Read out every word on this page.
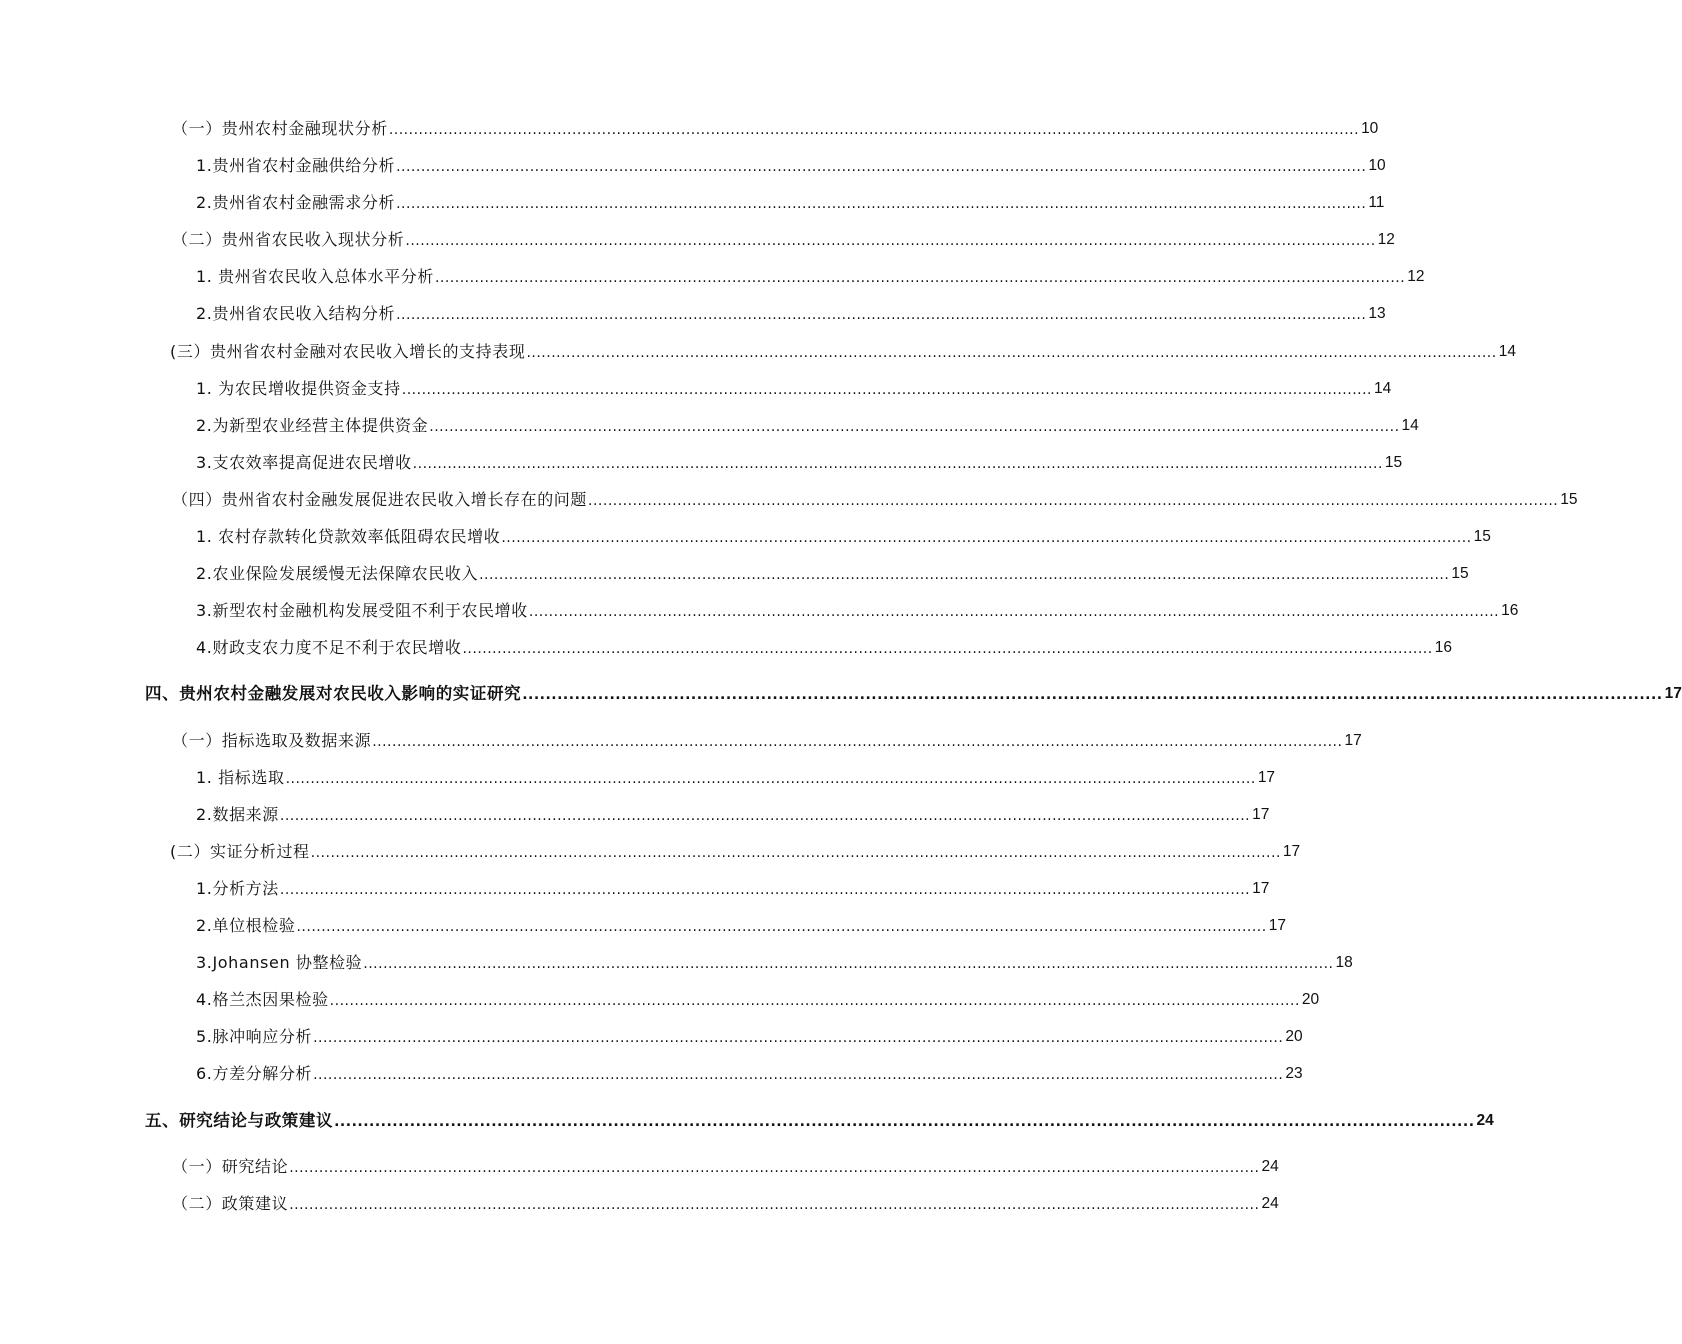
（一）贵州农村金融现状分析 .................................................................................................................................................................................................... 10
1.贵州省农村金融供给分析 .................................................................................................................................................................................................... 10
2.贵州省农村金融需求分析 .................................................................................................................................................................................................... 11
（二）贵州省农民收入现状分析 .................................................................................................................................................................................................... 12
1. 贵州省农民收入总体水平分析 .................................................................................................................................................................................................... 12
2.贵州省农民收入结构分析 .................................................................................................................................................................................................... 13
(三）贵州省农村金融对农民收入增长的支持表现 .................................................................................................................................................................................................... 14
1. 为农民增收提供资金支持 .................................................................................................................................................................................................... 14
2.为新型农业经营主体提供资金 .................................................................................................................................................................................................... 14
3.支农效率提高促进农民增收 .................................................................................................................................................................................................... 15
（四）贵州省农村金融发展促进农民收入增长存在的问题 .................................................................................................................................................................................................... 15
1. 农村存款转化贷款效率低阻碍农民增收 .................................................................................................................................................................................................... 15
2.农业保险发展缓慢无法保障农民收入 .................................................................................................................................................................................................... 15
3.新型农村金融机构发展受阻不利于农民增收 .................................................................................................................................................................................................... 16
4.财政支农力度不足不利于农民增收 .................................................................................................................................................................................................... 16
四、贵州农村金融发展对农民收入影响的实证研究 .................................................................................................................................................................................................... 17
（一）指标选取及数据来源 .................................................................................................................................................................................................... 17
1. 指标选取 .................................................................................................................................................................................................... 17
2.数据来源 .................................................................................................................................................................................................... 17
(二）实证分析过程 .................................................................................................................................................................................................... 17
1.分析方法 .................................................................................................................................................................................................... 17
2.单位根检验 .................................................................................................................................................................................................... 17
3.Johansen 协整检验 .................................................................................................................................................................................................... 18
4.格兰杰因果检验 .................................................................................................................................................................................................... 20
5.脉冲响应分析 .................................................................................................................................................................................................... 20
6.方差分解分析 .................................................................................................................................................................................................... 23
五、研究结论与政策建议 .................................................................................................................................................................................................... 24
（一）研究结论 .................................................................................................................................................................................................... 24
（二）政策建议 .................................................................................................................................................................................................... 24
